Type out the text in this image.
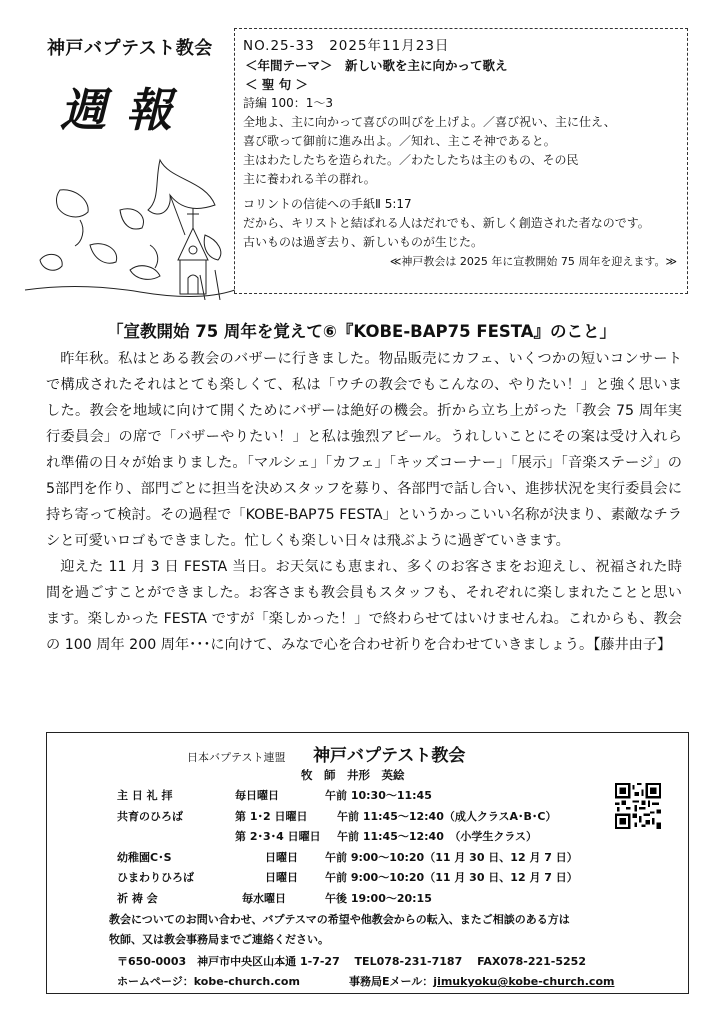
神戸バプテスト教会
週報
NO.25-33　2025年11月23日
＜年間テーマ＞　新しい歌を主に向かって歌え
＜ 聖 句 ＞
詩編 100：1～3
全地よ、主に向かって喜びの叫びを上げよ。／喜び祝い、主に仕え、
喜び歌って御前に進み出よ。／知れ、主こそ神であると。
主はわたしたちを造られた。／わたしたちは主のもの、その民
主に養われる羊の群れ。
コリントの信徒への手紙Ⅱ 5:17
だから、キリストと結ばれる人はだれでも、新しく創造された者なのです。
古いものは過ぎ去り、新しいものが生じた。
≪神戸教会は 2025 年に宣教開始 75 周年を迎えます。≫
「宣教開始 75 周年を覚えて⑥『KOBE-BAP75 FESTA』のこと」

昨年秋。私はとある教会のバザーに行きました。物品販売にカフェ、いくつかの短いコンサートで構成されたそれはとても楽しくて、私は「ウチの教会でもこんなの、やりたい！」と強く思いました。教会を地域に向けて開くためにバザーは絶好の機会。折から立ち上がった「教会 75 周年実行委員会」の席で「バザーやりたい！」と私は強烈アピール。うれしいことにその案は受け入れられ準備の日々が始まりました。「マルシェ」「カフェ」「キッズコーナー」「展示」「音楽ステージ」の5部門を作り、部門ごとに担当を決めスタッフを募り、各部門で話し合い、進捗状況を実行委員会に持ち寄って検討。その過程で「KOBE-BAP75 FESTA」というかっこいい名称が決まり、素敵なチラシと可愛いロゴもできました。忙しくも楽しい日々は飛ぶように過ぎていきます。

迎えた 11 月 3 日 FESTA 当日。お天気にも恵まれ、多くのお客さまをお迎えし、祝福された時間を過ごすことができました。お客さまも教会員もスタッフも、それぞれに楽しまれたことと思います。楽しかった FESTA ですが「楽しかった！」で終わらせてはいけませんね。これからも、教会の 100 周年 200 周年･･･に向けて、みなで心を合わせ祈りを合わせていきましょう。【藤井由子】

日本バプテスト連盟 神戸バプテスト教会
牧　師　井形　英絵
主 日 礼 拝	毎日曜日	午前 10:30～11:45
共育のひろば	第 1･2 日曜日	午前 11:45～12:40（成人クラスA･B･C）
第 2･3･4 日曜日 午前 11:45～12:40　（小学生クラス）
幼稚園C･S	日曜日 午前 9:00～10:20（11 月 30 日、12 月 7 日）
ひまわりひろば	日曜日 午前 9:00～10:20（11 月 30 日、12 月 7 日）
祈 祷 会	毎水曜日	午後 19:00～20:15
教会についてのお問い合わせ、バプテスマの希望や他教会からの転入、またご相談のある方は
牧師、又は教会事務局までご連絡ください。
〒650-0003　神戸市中央区山本通 1-7-27　 TEL078-231-7187　 FAX078-221-5252
ホームページ：kobe-church.com	事務局Eメール：jimukyoku@kobe-church.com
